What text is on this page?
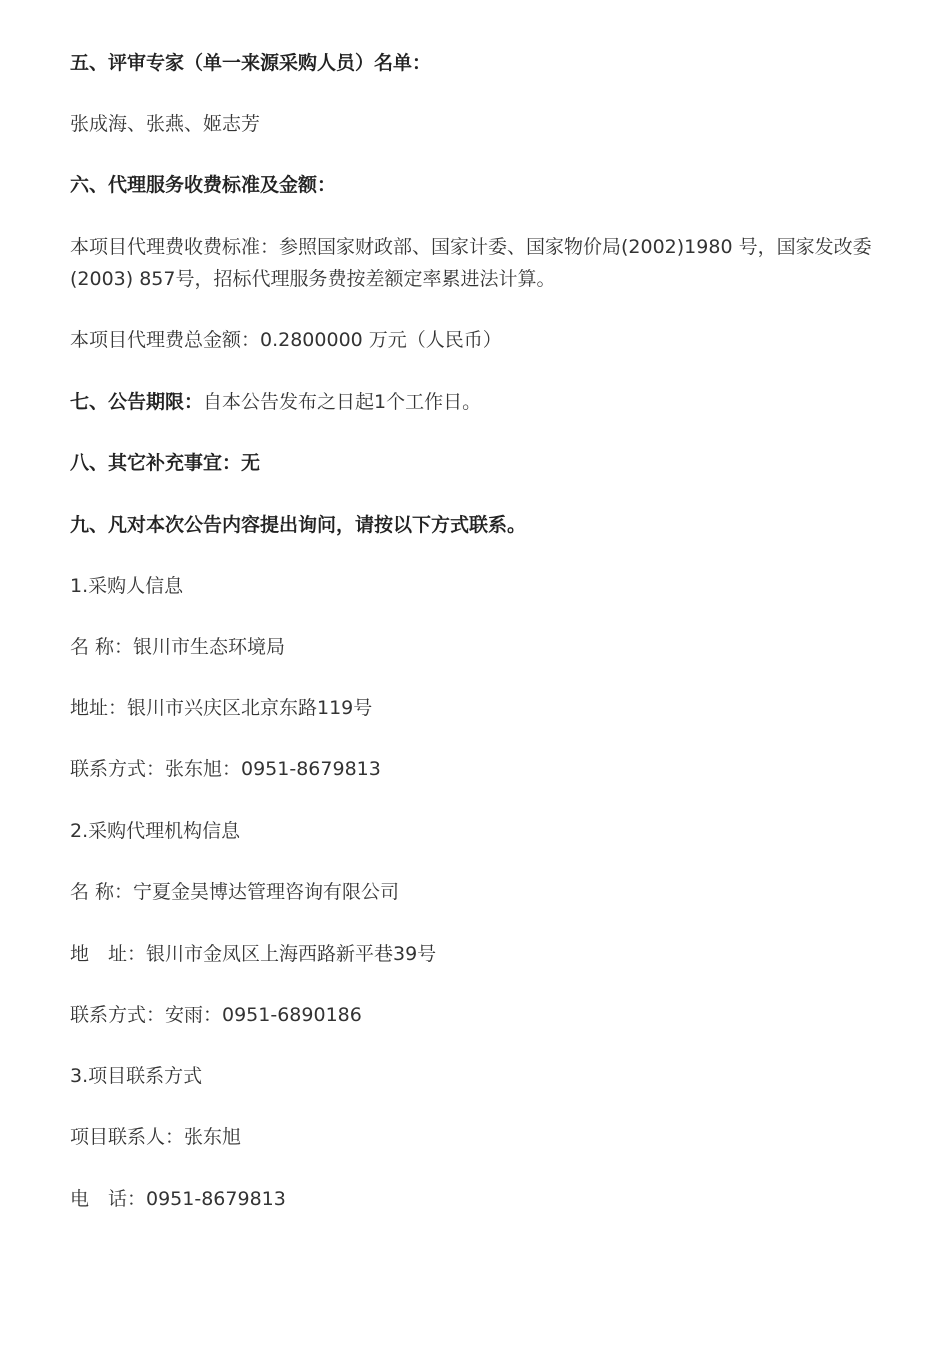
五、评审专家（单一来源采购人员）名单：
张成海、张燕、姬志芳
六、代理服务收费标准及金额：
本项目代理费收费标准：参照国家财政部、国家计委、国家物价局(2002)1980 号，国家发改委(2003) 857号，招标代理服务费按差额定率累进法计算。
本项目代理费总金额：0.2800000 万元（人民币）
七、公告期限：自本公告发布之日起1个工作日。
八、其它补充事宜：无
九、凡对本次公告内容提出询问，请按以下方式联系。
1.采购人信息
名 称：银川市生态环境局
地址：银川市兴庆区北京东路119号
联系方式：张东旭：0951-8679813
2.采购代理机构信息
名 称：宁夏金昊博达管理咨询有限公司
地　址：银川市金凤区上海西路新平巷39号
联系方式：安雨：0951-6890186
3.项目联系方式
项目联系人：张东旭
电　话：0951-8679813
